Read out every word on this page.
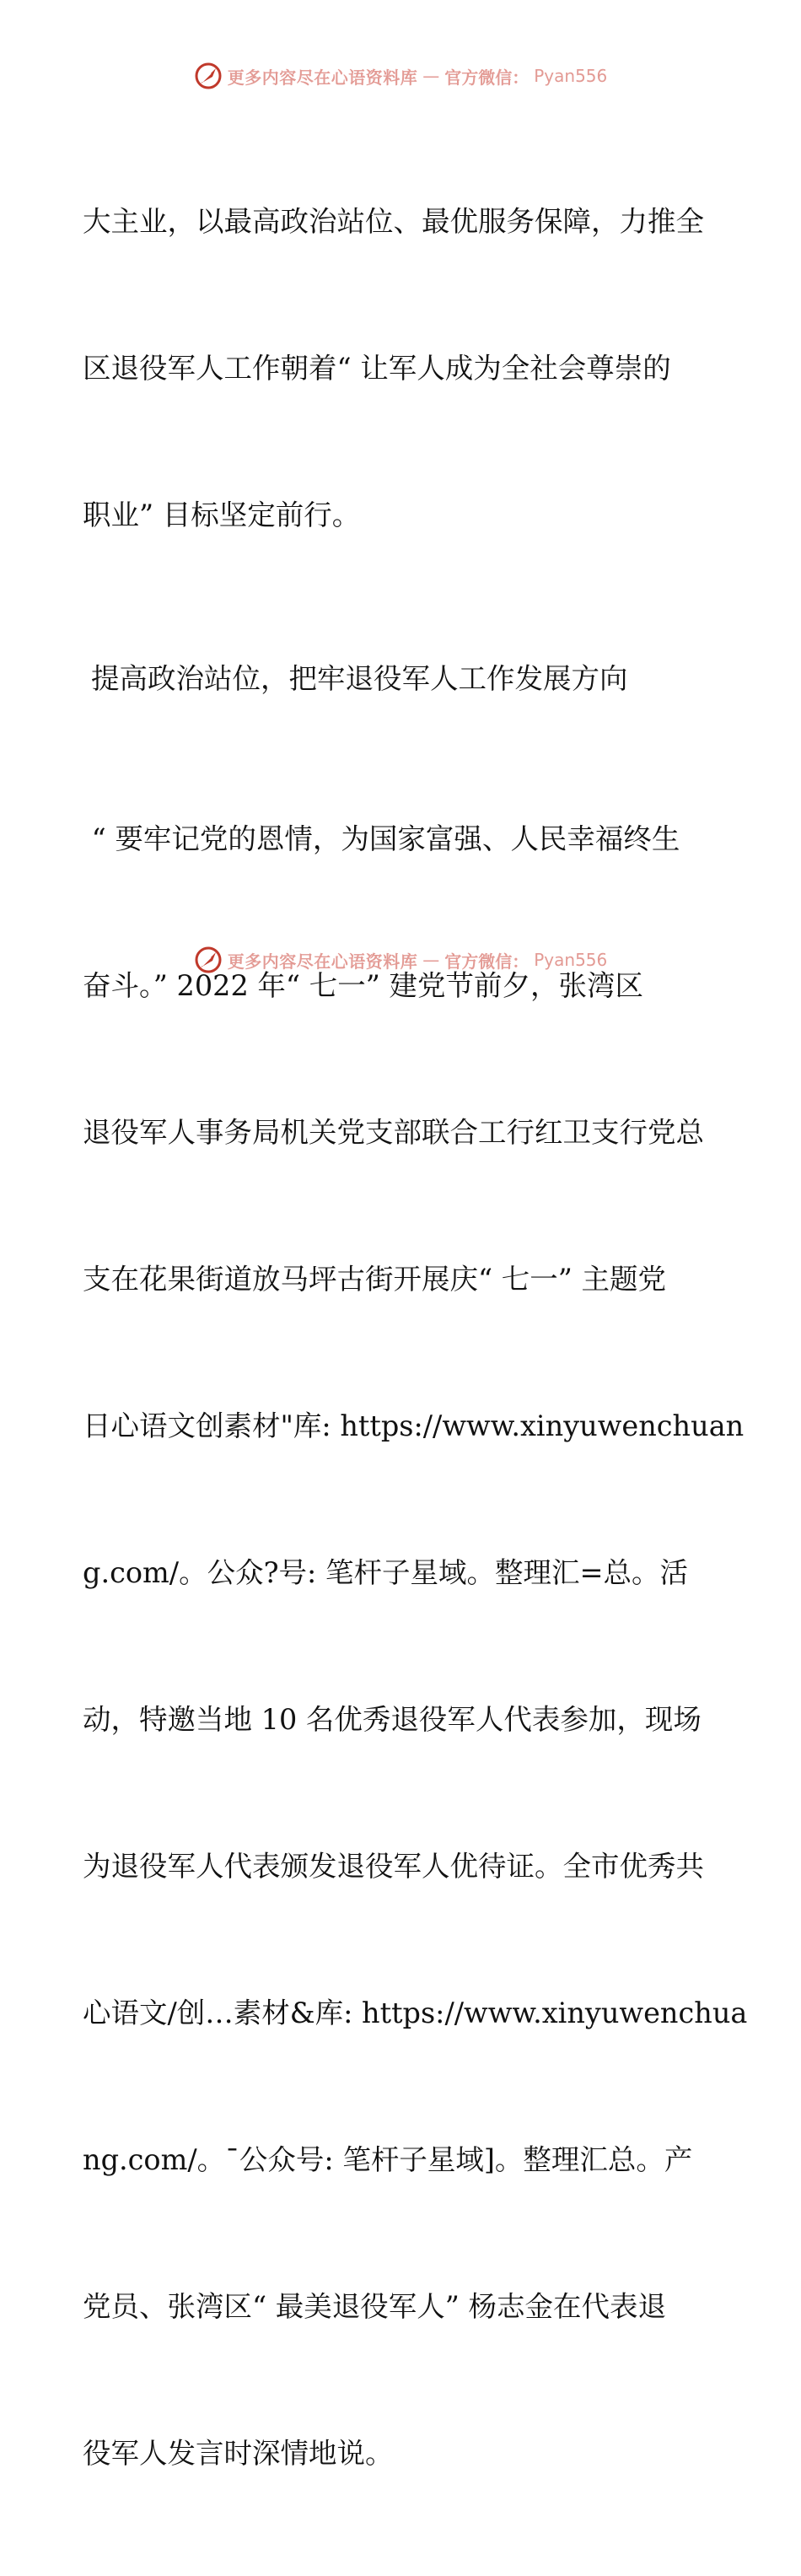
更多内容尽在心语资料库 — 官方微信： Pyan556

大主业，以最高政治站位、最优服务保障，力推全

区退役军人工作朝着“ 让军人成为全社会尊崇的

职业” 目标坚定前行。

提高政治站位，把牢退役军人工作发展方向

“ 要牢记党的恩情，为国家富强、人民幸福终生

奋斗。” 2022 年“ 七一” 建党节前夕，张湾区

退役军人事务局机关党支部联合工行红卫支行党总

支在花果街道放马坪古街开展庆“ 七一” 主题党

日心语文创素材"库: https://www.xinyuwenchuan

g.com/。公众?号: 笔杆子星域。整理汇=总。活

动，特邀当地 10 名优秀退役军人代表参加，现场

为退役军人代表颁发退役军人优待证。全市优秀共

心语文/创…素材&库: https://www.xinyuwenchua

ng.com/。¯公众号: 笔杆子星域]。整理汇总。产

党员、张湾区“ 最美退役军人” 杨志金在代表退

役军人发言时深情地说。

更多内容尽在心语资料库 — 官方微信： Pyan556
